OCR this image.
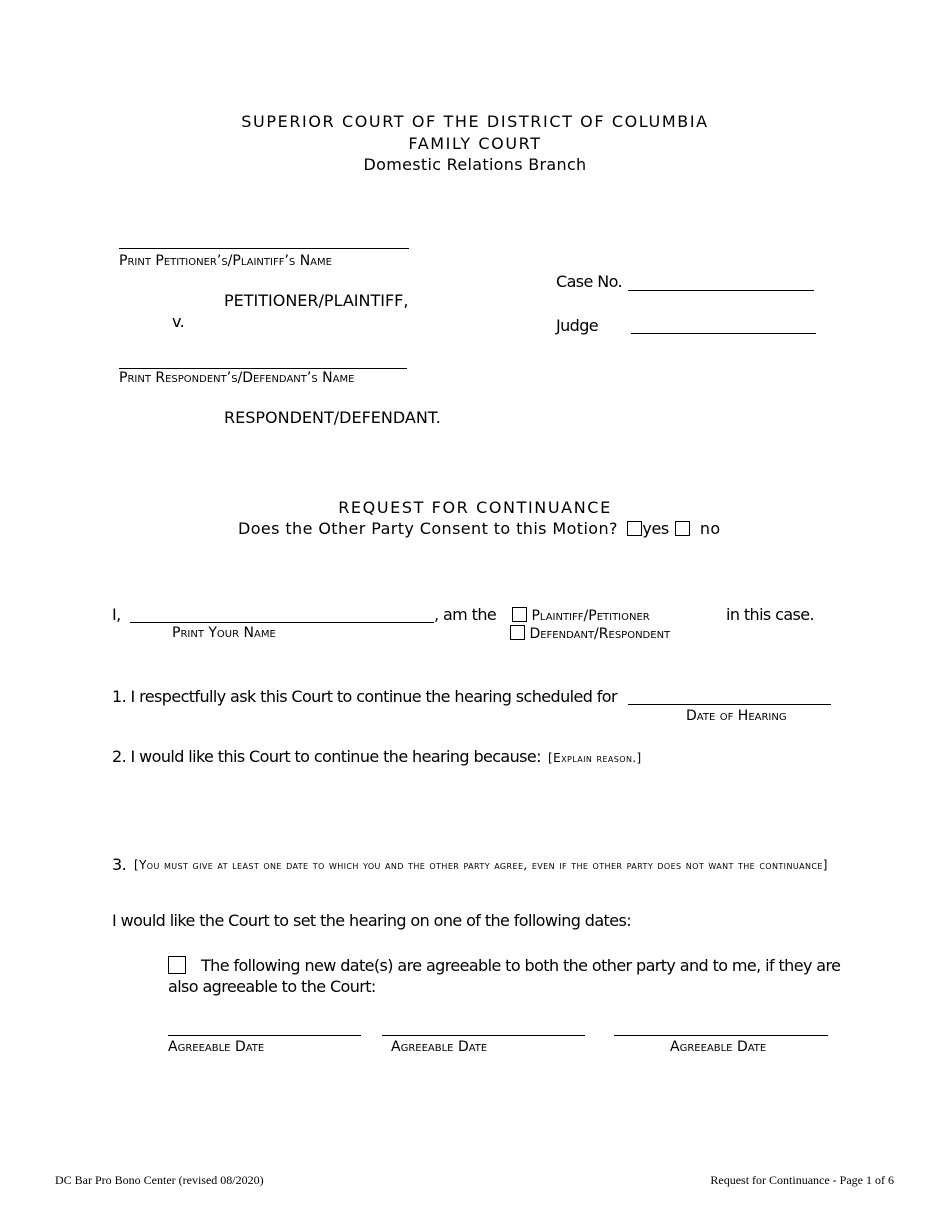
SUPERIOR COURT OF THE DISTRICT OF COLUMBIA
FAMILY COURT
Domestic Relations Branch
Print Petitioner’s/Plaintiff’s Name
PETITIONER/PLAINTIFF,
v.
Print Respondent’s/Defendant’s Name
RESPONDENT/DEFENDANT.
Case No.
Judge
REQUEST FOR CONTINUANCE
Does the Other Party Consent to this Motion? yes no
I,	, am the
Print Your Name
Plaintiff/Petitioner
Defendant/Respondent
in this case.
1. I respectfully ask this Court to continue the hearing scheduled for
Date of Hearing
2. I would like this Court to continue the hearing because: [Explain reason.]
3. [You must give at least one date to which you and the other party agree, even if the other party does not want the continuance]
I would like the Court to set the hearing on one of the following dates:
The following new date(s) are agreeable to both the other party and to me, if they are also agreeable to the Court:
Agreeable Date	Agreeable Date	Agreeable Date
DC Bar Pro Bono Center (revised 08/2020)	Request for Continuance - Page 1 of 6
